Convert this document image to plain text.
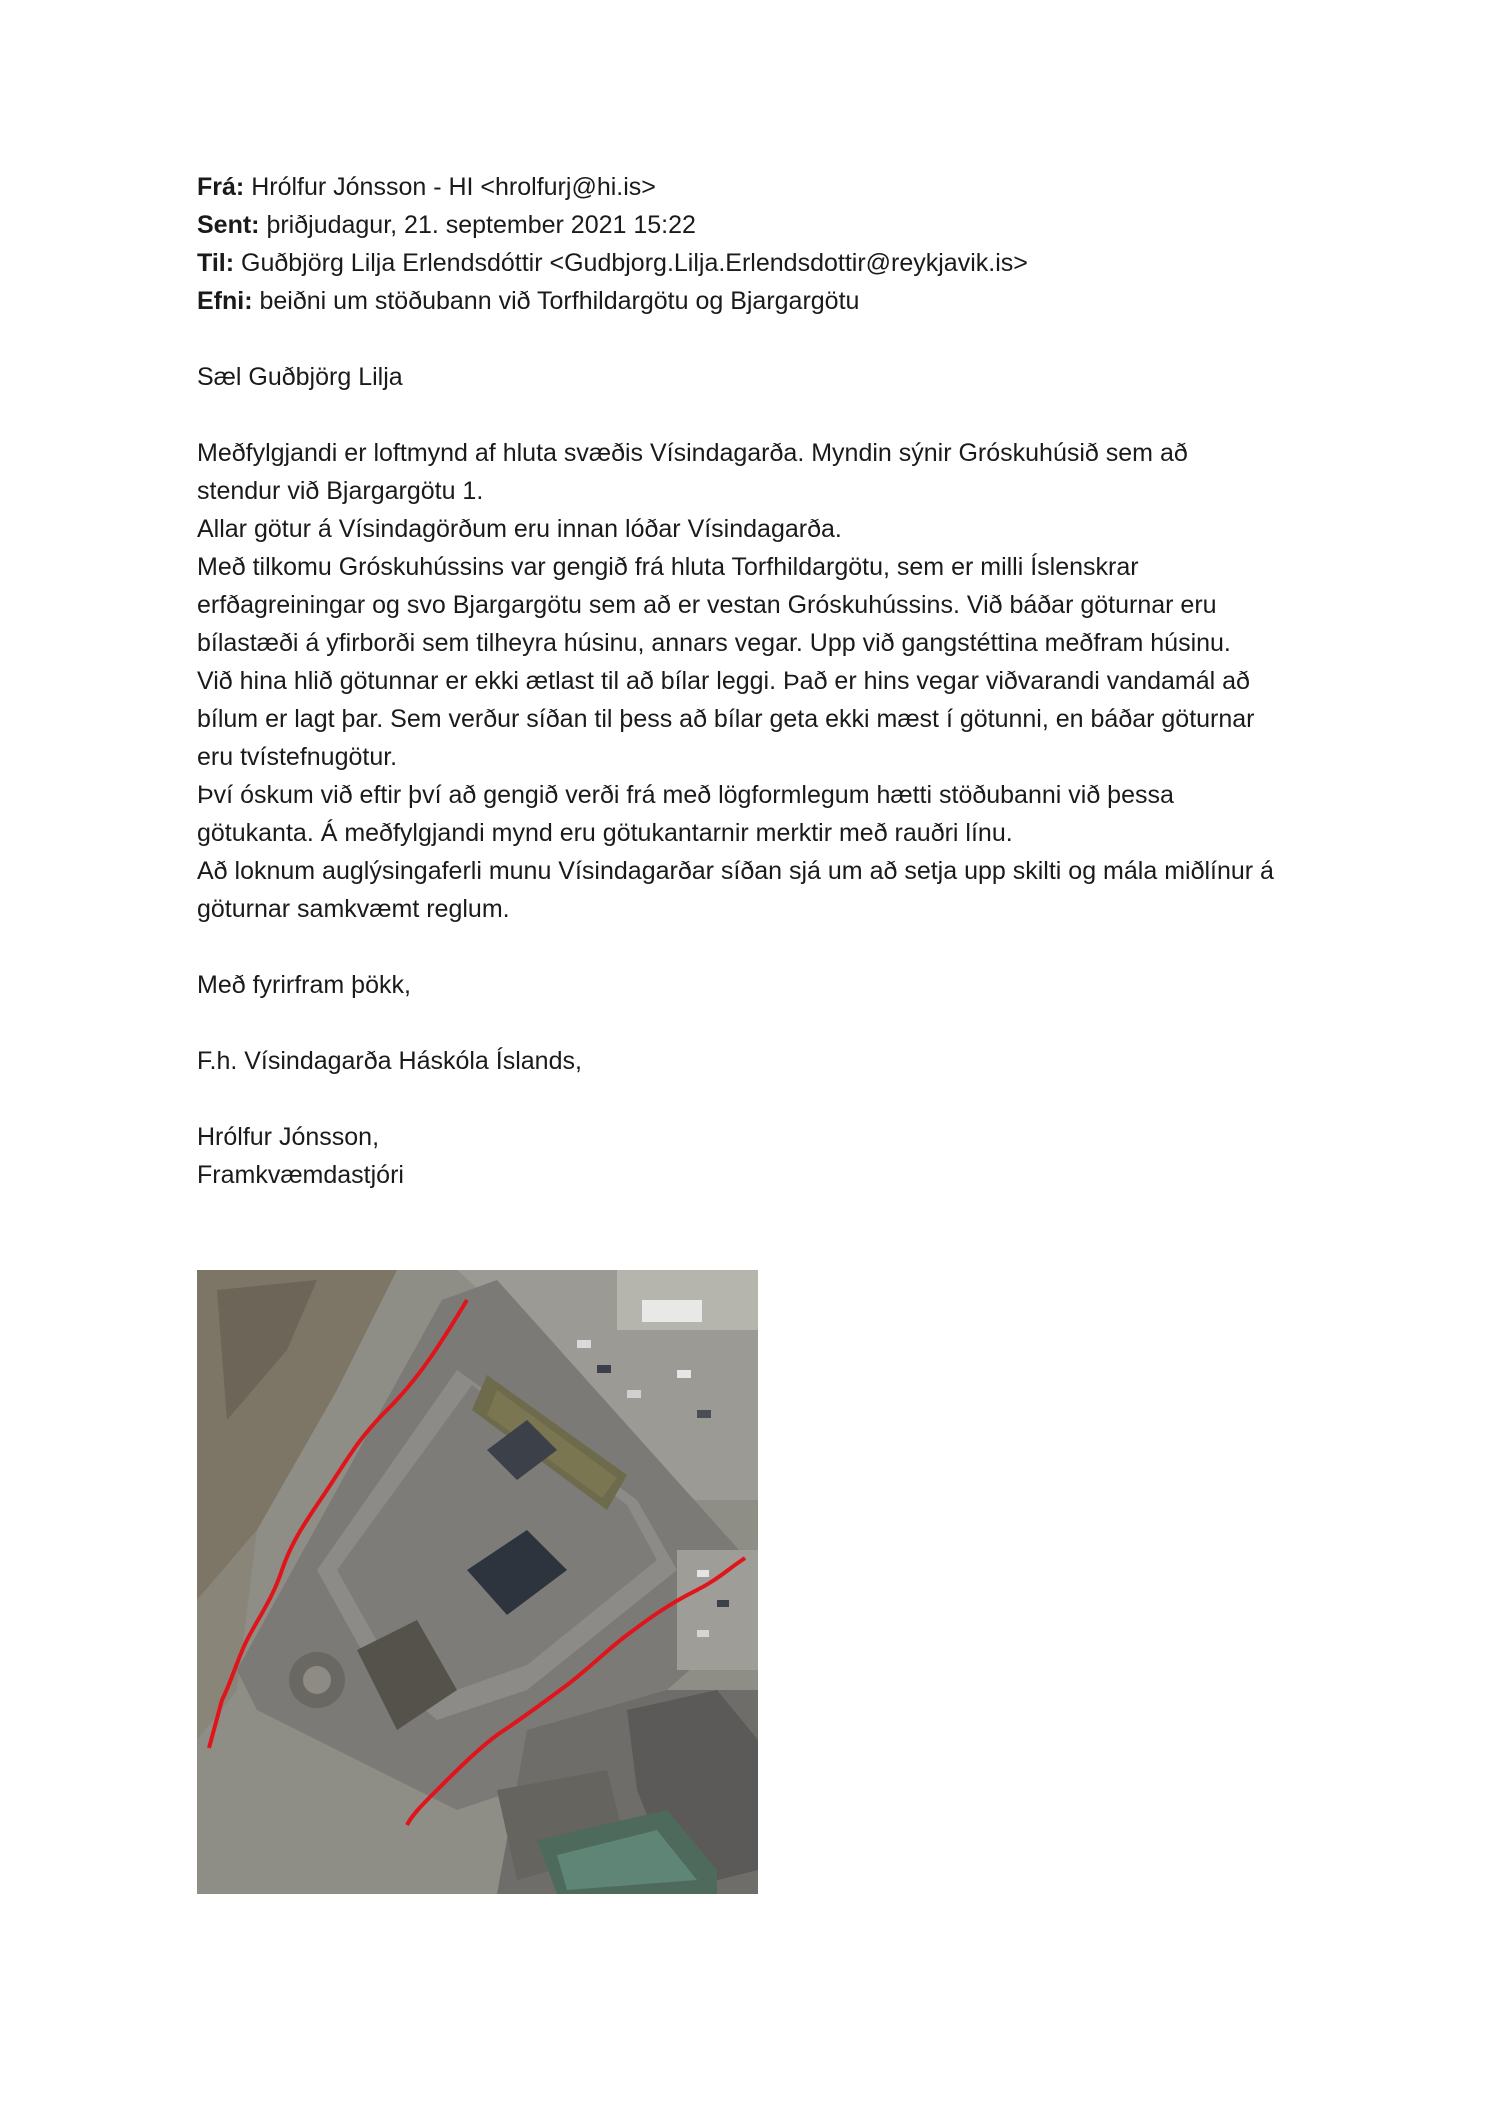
Frá: Hrólfur Jónsson - HI <hrolfurj@hi.is>
Sent: þriðjudagur, 21. september 2021 15:22
Til: Guðbjörg Lilja Erlendsdóttir <Gudbjorg.Lilja.Erlendsdottir@reykjavik.is>
Efni: beiðni um stöðubann við Torfhildargötu og Bjargargötu

Sæl Guðbjörg Lilja

Meðfylgjandi er loftmynd af hluta svæðis Vísindagarða. Myndin sýnir Gróskuhúsið sem að

stendur við Bjargargötu 1.

Allar götur á Vísindagörðum eru innan lóðar Vísindagarða.

Með tilkomu Gróskuhússins var gengið frá hluta Torfhildargötu, sem er milli Íslenskrar

erfðagreiningar og svo Bjargargötu sem að er vestan Gróskuhússins. Við báðar göturnar eru

bílastæði á yfirborði sem tilheyra húsinu, annars vegar. Upp við gangstéttina meðfram húsinu.

Við hina hlið götunnar er ekki ætlast til að bílar leggi. Það er hins vegar viðvarandi vandamál að

bílum er lagt þar. Sem verður síðan til þess að bílar geta ekki mæst í götunni, en báðar göturnar

eru tvístefnugötur.

Því óskum við eftir því að gengið verði frá með lögformlegum hætti stöðubanni við þessa

götukanta. Á meðfylgjandi mynd eru götukantarnir merktir með rauðri línu.

Að loknum auglýsingaferli munu Vísindagarðar síðan sjá um að setja upp skilti og mála miðlínur á

göturnar samkvæmt reglum.

Með fyrirfram þökk,

F.h. Vísindagarða Háskóla Íslands,

Hrólfur Jónsson,

Framkvæmdastjóri
